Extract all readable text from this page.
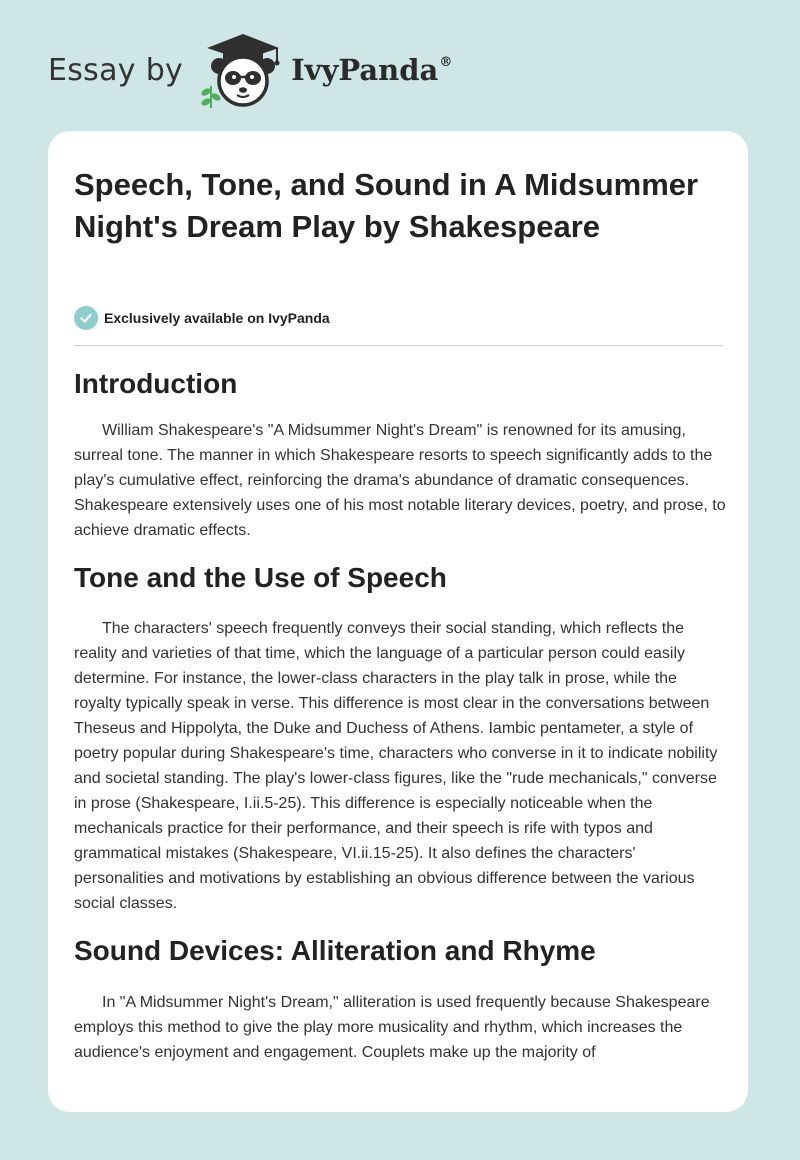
Essay by	IvyPanda®
Speech, Tone, and Sound in A Midsummer Night's Dream Play by Shakespeare
Exclusively available on IvyPanda
Introduction

William Shakespeare's "A Midsummer Night's Dream" is renowned for its amusing, surreal tone. The manner in which Shakespeare resorts to speech significantly adds to the play's cumulative effect, reinforcing the drama's abundance of dramatic consequences. Shakespeare extensively uses one of his most notable literary devices, poetry, and prose, to achieve dramatic effects.

Tone and the Use of Speech

The characters' speech frequently conveys their social standing, which reflects the reality and varieties of that time, which the language of a particular person could easily determine. For instance, the lower-class characters in the play talk in prose, while the royalty typically speak in verse. This difference is most clear in the conversations between Theseus and Hippolyta, the Duke and Duchess of Athens. Iambic pentameter, a style of poetry popular during Shakespeare's time, characters who converse in it to indicate nobility and societal standing. The play's lower-class figures, like the "rude mechanicals," converse in prose (Shakespeare, I.ii.5-25). This difference is especially noticeable when the mechanicals practice for their performance, and their speech is rife with typos and grammatical mistakes (Shakespeare, VI.ii.15-25). It also defines the characters' personalities and motivations by establishing an obvious difference between the various social classes.

Sound Devices: Alliteration and Rhyme

In "A Midsummer Night's Dream," alliteration is used frequently because Shakespeare employs this method to give the play more musicality and rhythm, which increases the audience's enjoyment and engagement. Couplets make up the majority of
